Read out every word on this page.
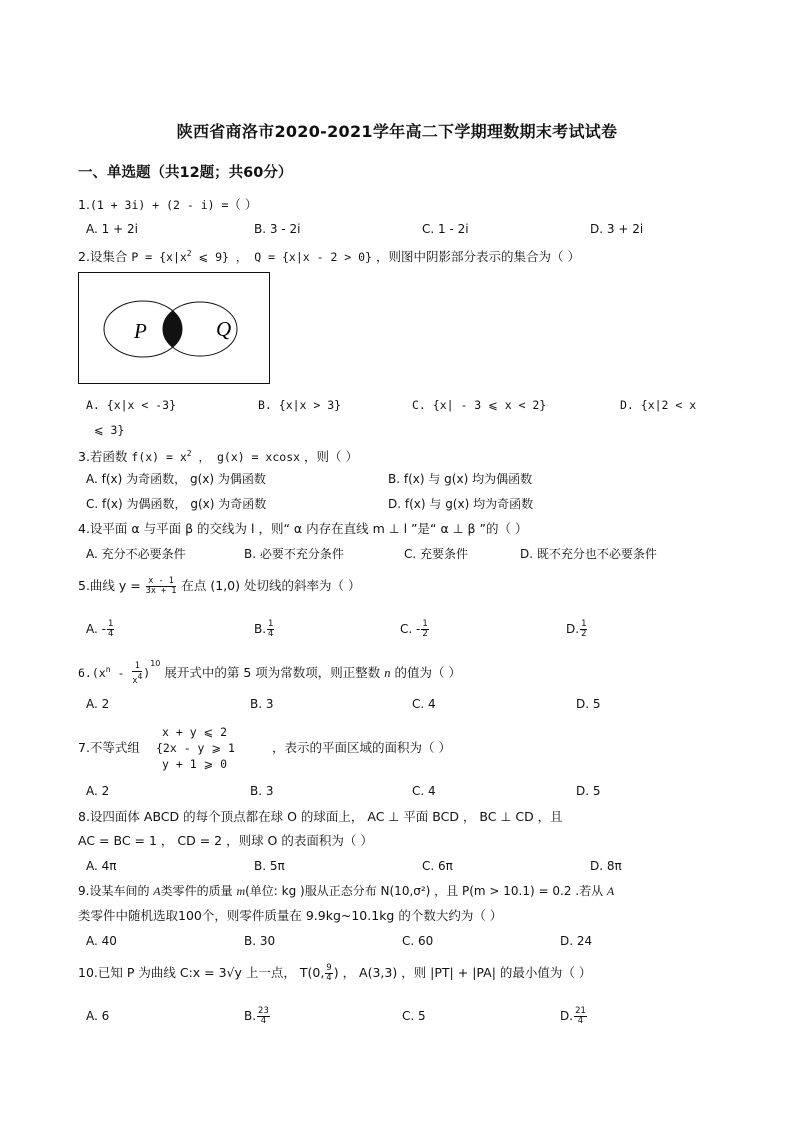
陕西省商洛市2020-2021学年高二下学期理数期末考试试卷
一、单选题（共12题；共60分）
1.(1 + 3i) + (2 - i) =（ ）
A. 1 + 2i	B. 3 - 2i	C. 1 - 2i	D. 3 + 2i
2.设集合 $P = \{x|x^2$ ⩽ 9} ， Q = {x|x - 2 > 0} ，则图中阴影部分表示的集合为（ ）
P	Q
A. {x|x < -3}	B. {x|x > 3}	C. {x| - 3 ⩽ x < 2}	D. {x|2 < x
⩽ 3}
3.若函数 $f(x) = x^2$ ， g(x) = xcosx ，则（ ）
A. f(x) 为奇函数， g(x) 为偶函数	B. f(x) 与 g(x) 均为偶函数
C. f(x) 为偶函数， g(x) 为奇函数	D. f(x) 与 g(x) 均为奇函数
4.设平面 α 与平面 β 的交线为 l ，则“ α 内存在直线 m ⊥ l ”是“ α ⊥ β ”的（ ）
A. 充分不必要条件	B. 必要不充分条件	C. 充要条件	D. 既不充分也不必要条件
5.曲线 $y = \frac{x - 1}{3x + 1}$ 在点 (1,0) 处切线的斜率为（ ）
A. - $\frac{1}{4}$	B. $\frac{1}{4}$	C. - $\frac{1}{2}$	D. $\frac{1}{2}$
$6.(x^n - \frac{1}{x^4} )^{10}$ 展开式中的第 5 项为常数项，则正整数 n 的值为（ ）
A. 2	B. 3	C. 4	D. 5
7.不等式组
x + y ⩽ 2
{2x - y ⩾ 1
y + 1 ⩾ 0
，表示的平面区域的面积为（ ）
A. 2	B. 3	C. 4	D. 5
8.设四面体 ABCD 的每个顶点都在球 O 的球面上， AC ⊥ 平面 BCD ， BC ⊥ CD ，且
AC = BC = 1 ， CD = 2 ，则球 O 的表面积为（ ）
A. 4π	B. 5π	C. 6π	D. 8π
9.设某车间的 A类零件的质量 m(单位: kg )服从正态分布 N(10,σ²) ，且 P(m > 10.1) = 0.2 .若从 A
类零件中随机选取100个，则零件质量在 9.9kg~10.1kg 的个数大约为（ ）
A. 40	B. 30	C. 60	D. 24
10.已知 P 为曲线 C:x = 3√y 上一点， T(0, $\frac{9}{4}$ ) ， A(3,3) ，则 |PT| + |PA| 的最小值为（ ）
A. 6	B. $\frac{23}{4}$	C. 5	D. $\frac{21}{4}$
